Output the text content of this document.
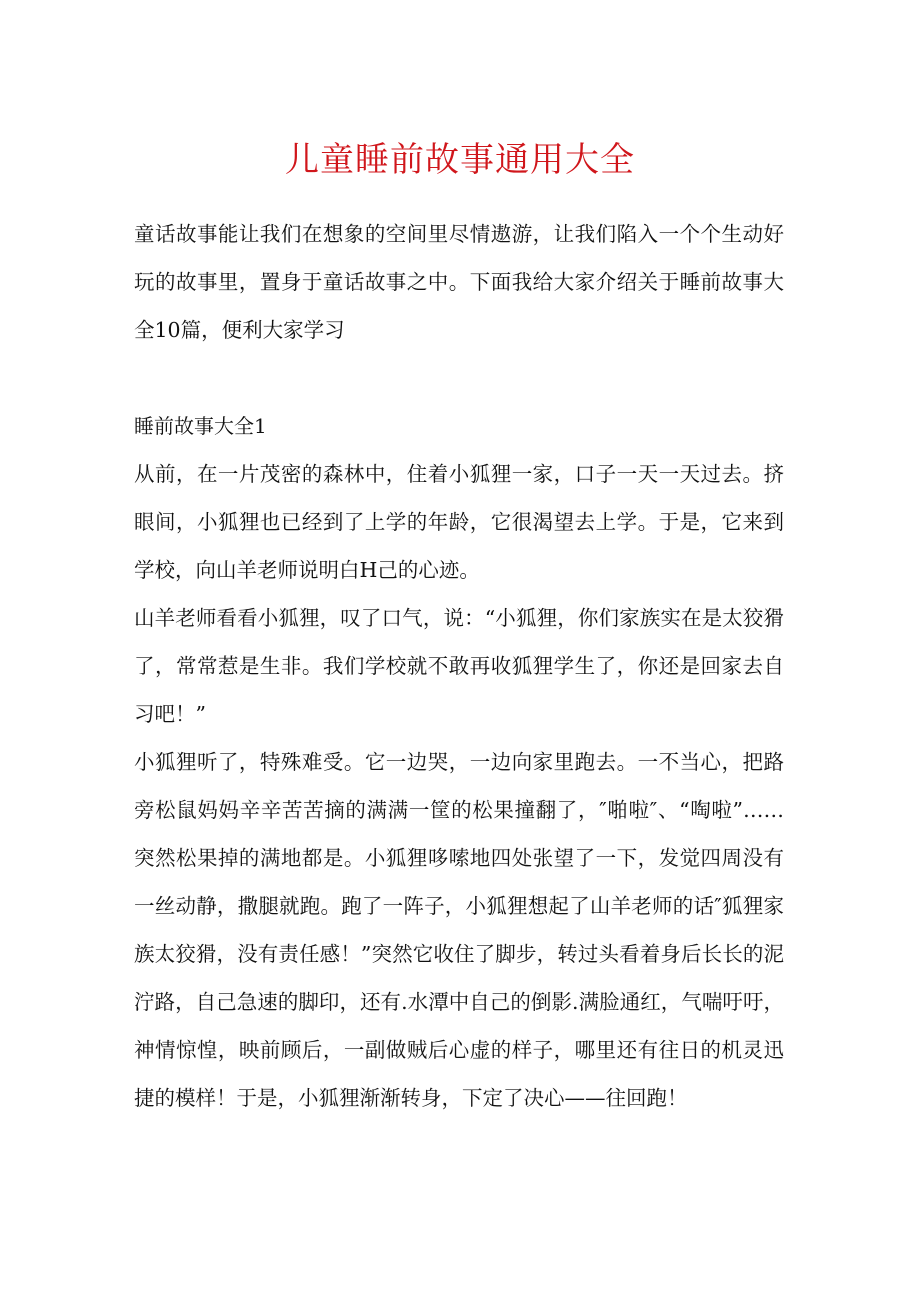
儿童睡前故事通用大全

童话故事能让我们在想象的空间里尽情遨游，让我们陷入一个个生动好玩的故事里，置身于童话故事之中。下面我给大家介绍关于睡前故事大全10篇，便利大家学习

睡前故事大全1

从前，在一片茂密的森林中，住着小狐狸一家，口子一天一天过去。挤眼间，小狐狸也已经到了上学的年龄，它很渴望去上学。于是，它来到学校，向山羊老师说明白H己的心迹。

山羊老师看看小狐狸，叹了口气，说：“小狐狸，你们家族实在是太狡猾了，常常惹是生非。我们学校就不敢再收狐狸学生了，你还是回家去自习吧！”

小狐狸听了，特殊难受。它一边哭，一边向家里跑去。一不当心，把路旁松鼠妈妈辛辛苦苦摘的满满一筐的松果撞翻了，″啪啦″、“啕啦”……突然松果掉的满地都是。小狐狸哆嗦地四处张望了一下，发觉四周没有一丝动静，撒腿就跑。跑了一阵子，小狐狸想起了山羊老师的话″狐狸家族太狡猾，没有责任感！”突然它收住了脚步，转过头看着身后长长的泥泞路，自己急速的脚印，还有.水潭中自己的倒影.满脸通红，气喘吁吁，神情惊惶，映前顾后，一副做贼后心虚的样子，哪里还有往日的机灵迅捷的模样！于是，小狐狸渐渐转身，下定了决心——往回跑！
